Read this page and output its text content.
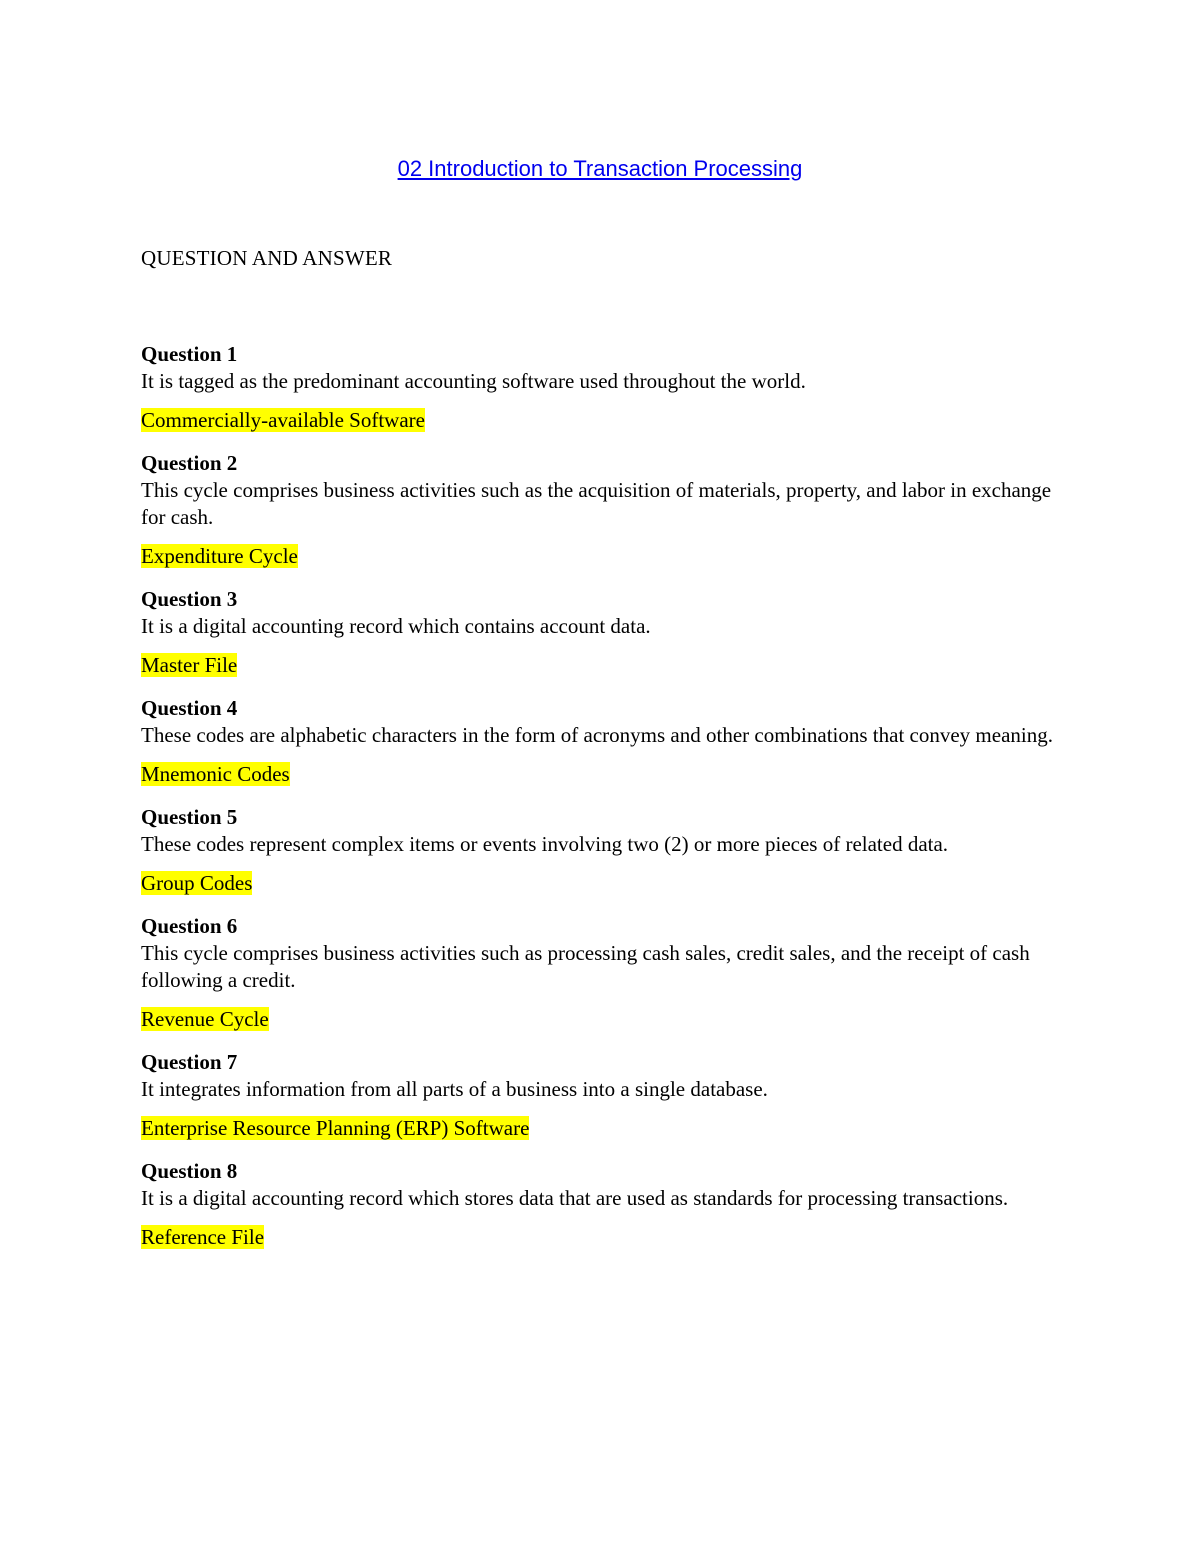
02 Introduction to Transaction Processing
QUESTION AND ANSWER
Question 1
It is tagged as the predominant accounting software used throughout the world.
Commercially-available Software
Question 2
This cycle comprises business activities such as the acquisition of materials, property, and labor in exchange for cash.
Expenditure Cycle
Question 3
It is a digital accounting record which contains account data.
Master File
Question 4
These codes are alphabetic characters in the form of acronyms and other combinations that convey meaning.
Mnemonic Codes
Question 5
These codes represent complex items or events involving two (2) or more pieces of related data.
Group Codes
Question 6
This cycle comprises business activities such as processing cash sales, credit sales, and the receipt of cash following a credit.
Revenue Cycle
Question 7
It integrates information from all parts of a business into a single database.
Enterprise Resource Planning (ERP) Software
Question 8
It is a digital accounting record which stores data that are used as standards for processing transactions.
Reference File
